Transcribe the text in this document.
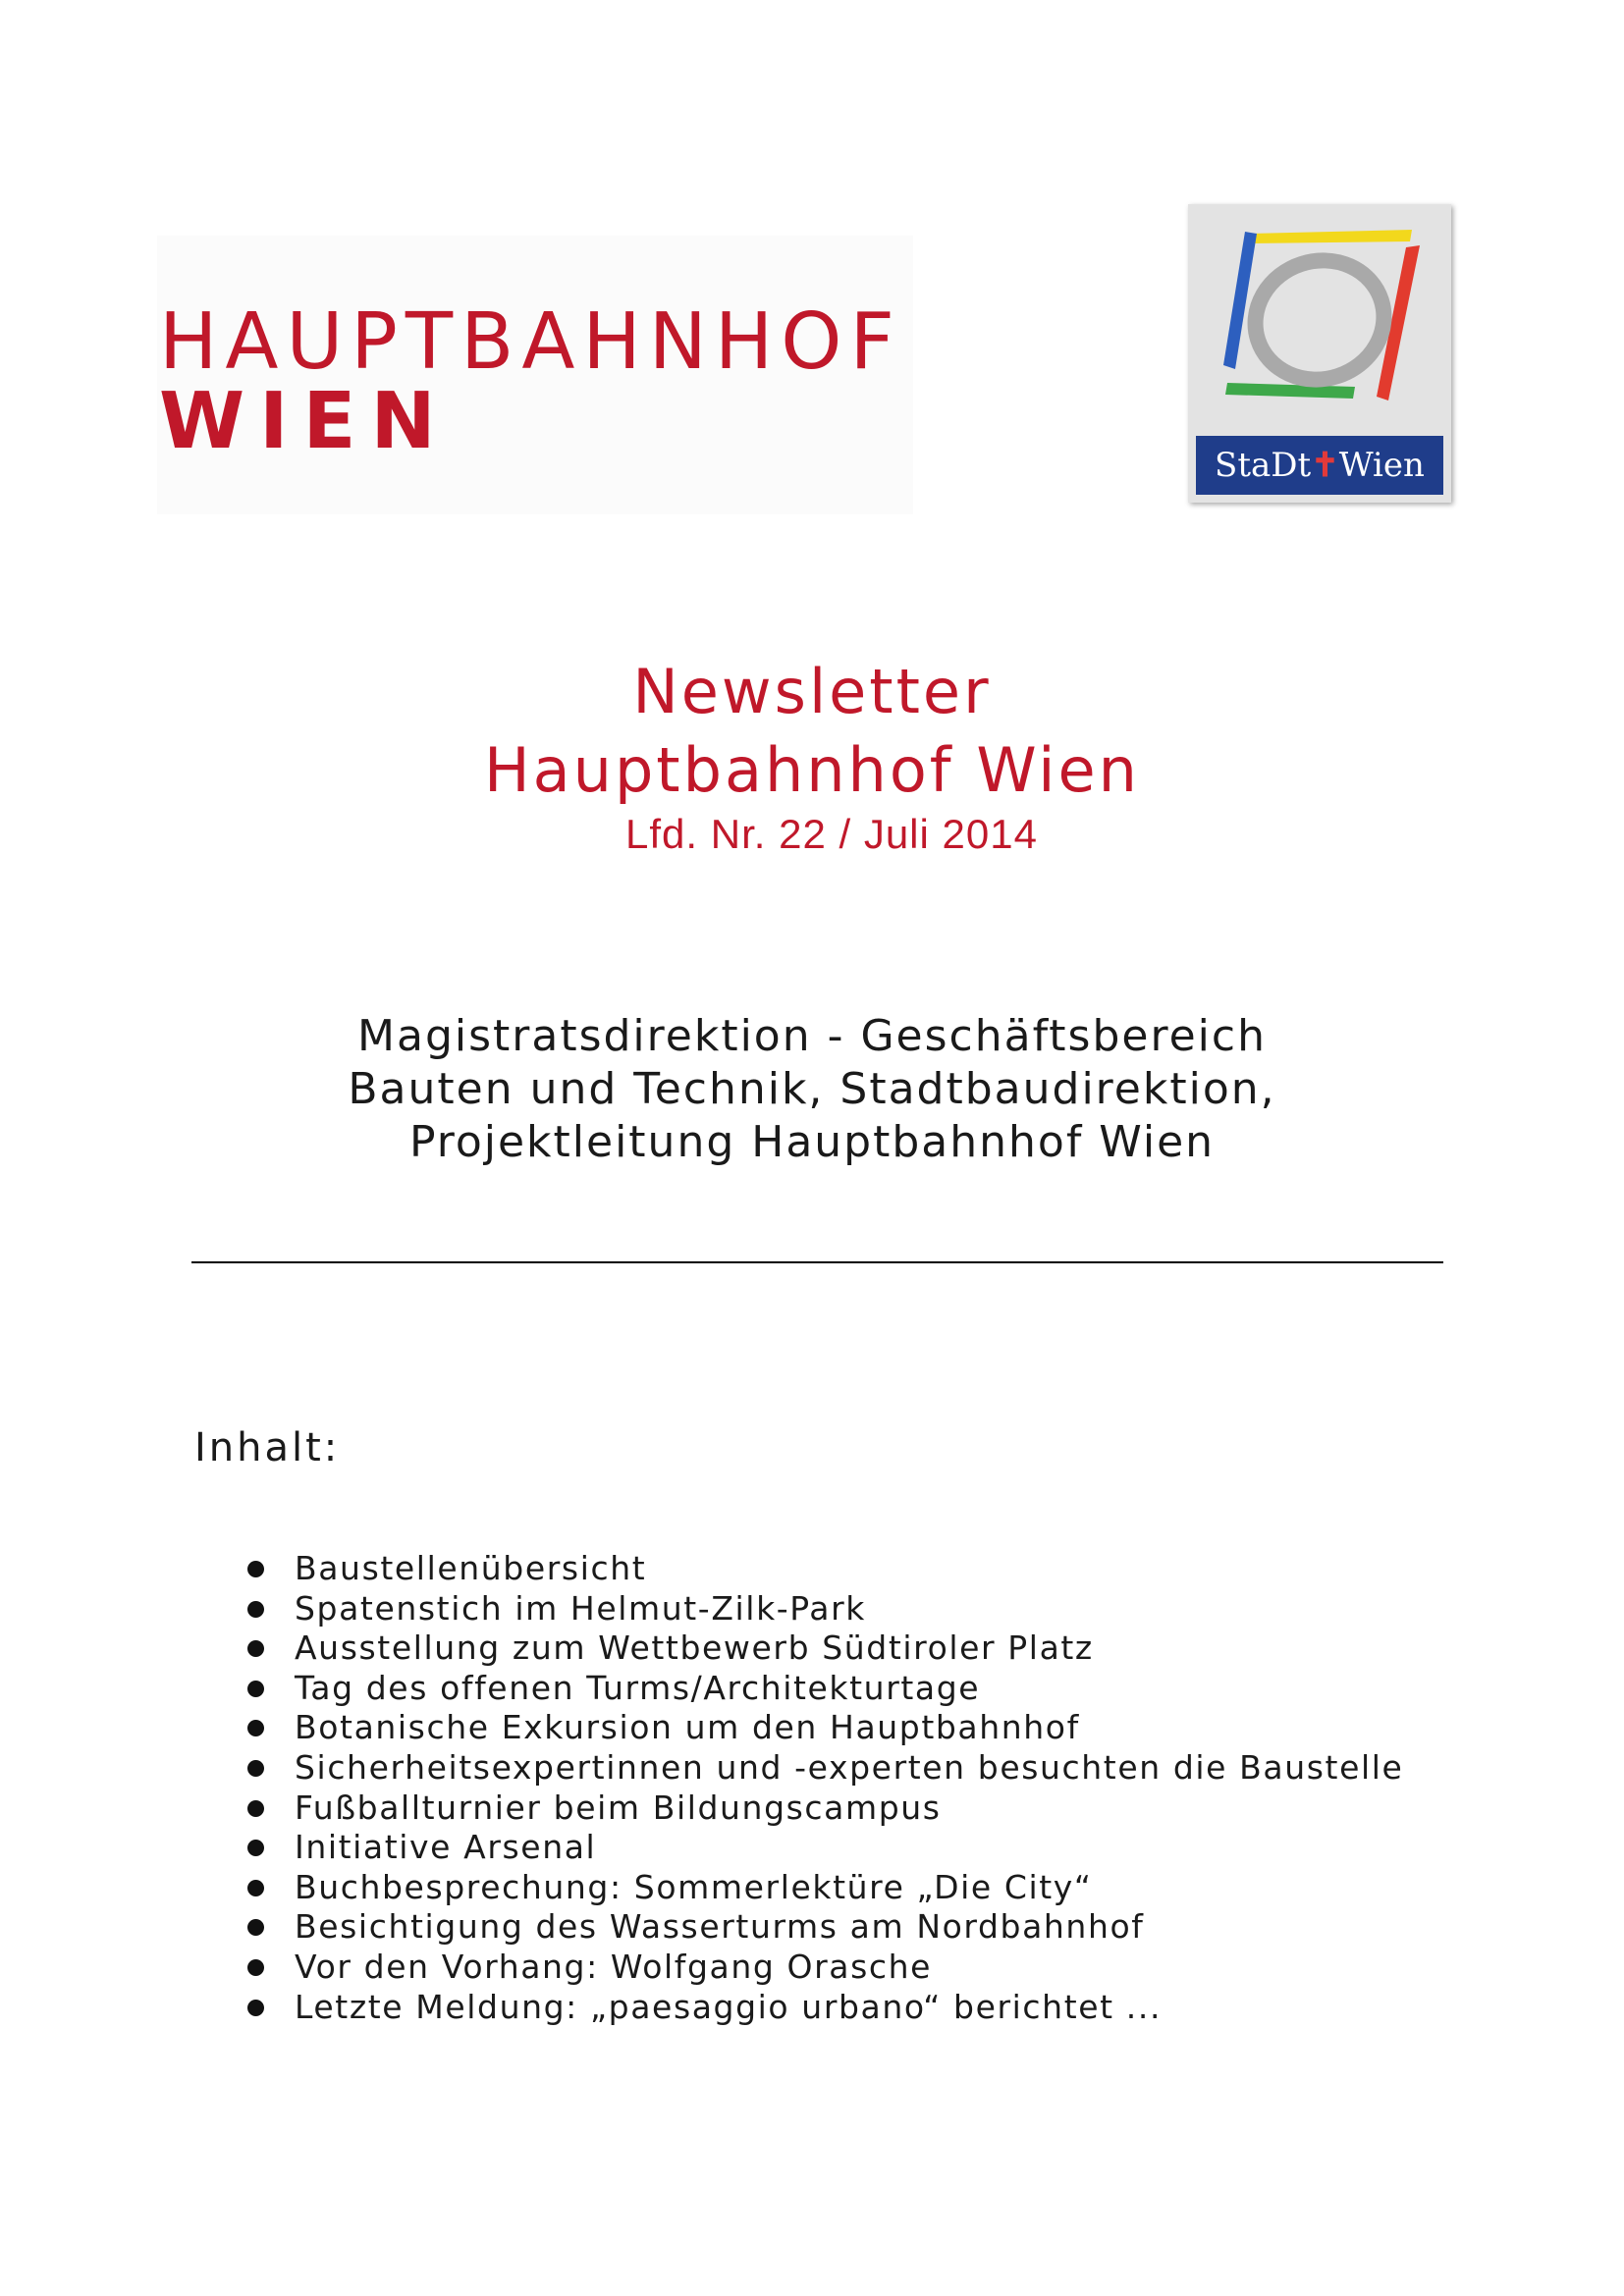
HAUPTBAHNHOF
WIEN	StaDt✝Wien
Newsletter
Hauptbahnhof Wien
Lfd. Nr. 22 / Juli 2014
Magistratsdirektion - Geschäftsbereich
Bauten und Technik, Stadtbaudirektion,
Projektleitung Hauptbahnhof Wien
Inhalt:
Baustellenübersicht
Spatenstich im Helmut-Zilk-Park
Ausstellung zum Wettbewerb Südtiroler Platz
Tag des offenen Turms/Architekturtage
Botanische Exkursion um den Hauptbahnhof
Sicherheitsexpertinnen und -experten besuchten die Baustelle
Fußballturnier beim Bildungscampus
Initiative Arsenal
Buchbesprechung: Sommerlektüre „Die City“
Besichtigung des Wasserturms am Nordbahnhof
Vor den Vorhang: Wolfgang Orasche
Letzte Meldung: „paesaggio urbano“ berichtet ...
